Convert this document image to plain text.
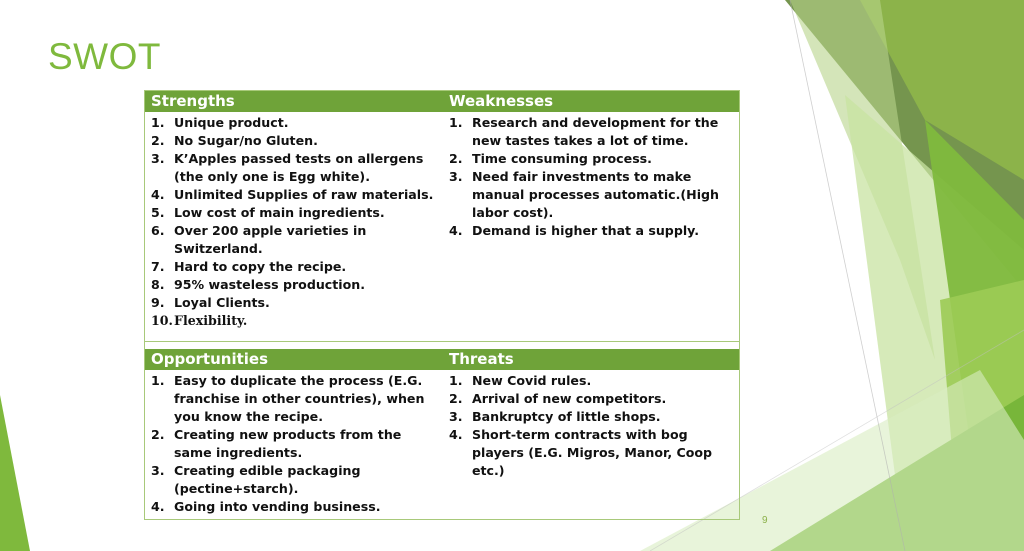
SWOT
Strengths	Weaknesses
1. Unique product.
2. No Sugar/no Gluten.
3. K’Apples passed tests on allergens (the only one is Egg white).
4. Unlimited Supplies of raw materials.
5. Low cost of main ingredients.
6. Over 200 apple varieties in Switzerland.
7. Hard to copy the recipe.
8. 95% wasteless production.
9. Loyal Clients.
10. Flexibility.
1. Research and development for the new tastes takes a lot of time.
2. Time consuming process.
3. Need fair investments to make manual processes automatic.(High labor cost).
4. Demand is higher that a supply.
Opportunities	Threats
1. Easy to duplicate the process (E.G. franchise in other countries), when you know the recipe.
2. Creating new products from the same ingredients.
3. Creating edible packaging (pectine+starch).
4. Going into vending business.
1. New Covid rules.
2. Arrival of new competitors.
3. Bankruptcy of little shops.
4. Short-term contracts with bog players (E.G. Migros, Manor, Coop etc.)
9
